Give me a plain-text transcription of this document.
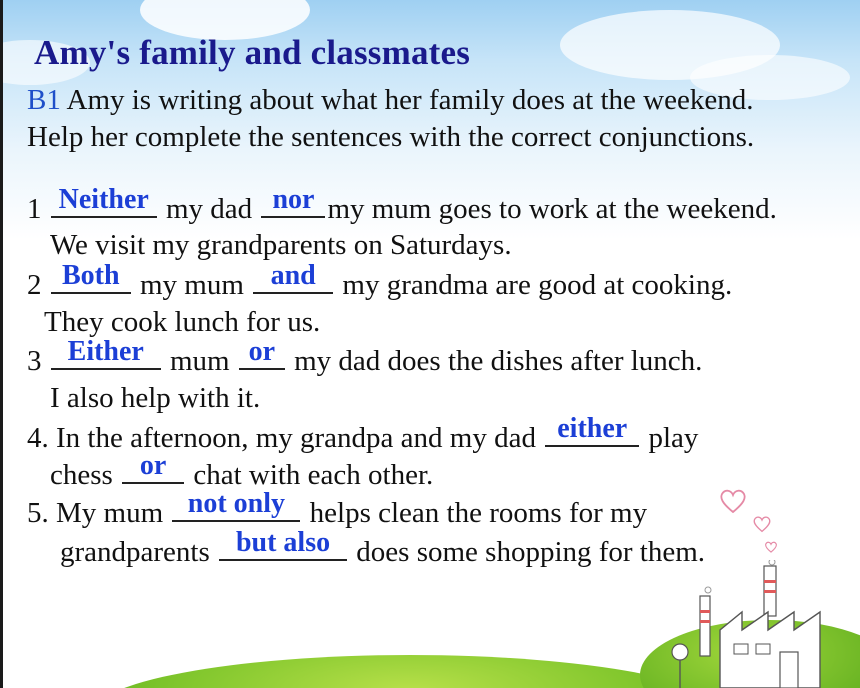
Amy's family and classmates
B1 Amy is writing about what her family does at the weekend.
Help her complete the sentences with the correct conjunctions.
1 Neither my dad nor my mum goes to work at the weekend.
We visit my grandparents on Saturdays.
2 Both my mum and my grandma are good at cooking.
They cook lunch for us.
3 Either mum or my dad does the dishes after lunch.
I also help with it.
4. In the afternoon, my grandpa and my dad either play
chess or chat with each other.
5. My mum not only helps clean the rooms for my
grandparents but also does some shopping for them.
